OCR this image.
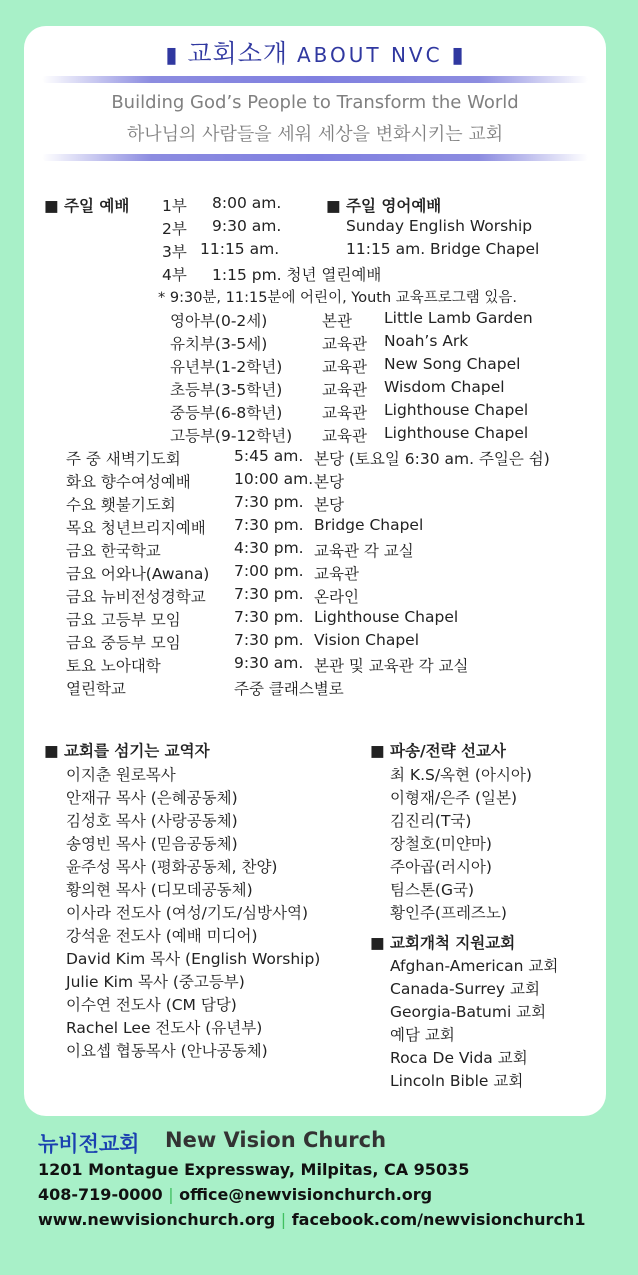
▮ 교회소개 ABOUT NVC ▮
Building God’s People to Transform the World
하나님의 사람들을 세워 세상을 변화시키는 교회
■ 주일 예배 1부 8:00 am.
2부 9:30 am.
3부 11:15 am.
4부 1:15 pm. 청년 열린예배
■ 주일 영어예배
Sunday English Worship
11:15 am. Bridge Chapel
* 9:30분, 11:15분에 어린이, Youth 교육프로그램 있음.
영아부(0-2세)	본관 Little Lamb Garden
유치부(3-5세)	교육관 Noah’s Ark
유년부(1-2학년)	교육관 New Song Chapel
초등부(3-5학년)	교육관 Wisdom Chapel
중등부(6-8학년)	교육관 Lighthouse Chapel
고등부(9-12학년) 교육관 Lighthouse Chapel
주 중 새벽기도회	5:45 am. 본당 (토요일 6:30 am. 주일은 쉼)
화요 향수여성예배	10:00 am. 본당
수요 횃불기도회	7:30 pm. 본당
목요 청년브리지예배 7:30 pm. Bridge Chapel
금요 한국학교	4:30 pm. 교육관 각 교실
금요 어와나(Awana) 7:00 pm. 교육관
금요 뉴비전성경학교 7:30 pm. 온라인
금요 고등부 모임	7:30 pm. Lighthouse Chapel
금요 중등부 모임	7:30 pm. Vision Chapel
토요 노아대학	9:30 am. 본관 및 교육관 각 교실
열린학교	주중 클래스별로
■ 교회를 섬기는 교역자
이지춘 원로목사
안재규 목사 (은혜공동체)
김성호 목사 (사랑공동체)
송영빈 목사 (믿음공동체)
윤주성 목사 (평화공동체, 찬양)
황의현 목사 (디모데공동체)
이사라 전도사 (여성/기도/심방사역)
강석윤 전도사 (예배 미디어)
David Kim 목사 (English Worship)
Julie Kim 목사 (중고등부)
이수연 전도사 (CM 담당)
Rachel Lee 전도사 (유년부)
이요셉 협동목사 (안나공동체)
■ 파송/전략 선교사
최 K.S/옥현 (아시아)
이형재/은주 (일본)
김진리(T국)
장철호(미얀마)
주아곱(러시아)
팀스톤(G국)
황인주(프레즈노)
■ 교회개척 지원교회
Afghan-American 교회
Canada-Surrey 교회
Georgia-Batumi 교회
예담 교회
Roca De Vida 교회
Lincoln Bible 교회
뉴비전교회 New Vision Church
1201 Montague Expressway, Milpitas, CA 95035
408-719-0000 | office@newvisionchurch.org
www.newvisionchurch.org | facebook.com/newvisionchurch1
